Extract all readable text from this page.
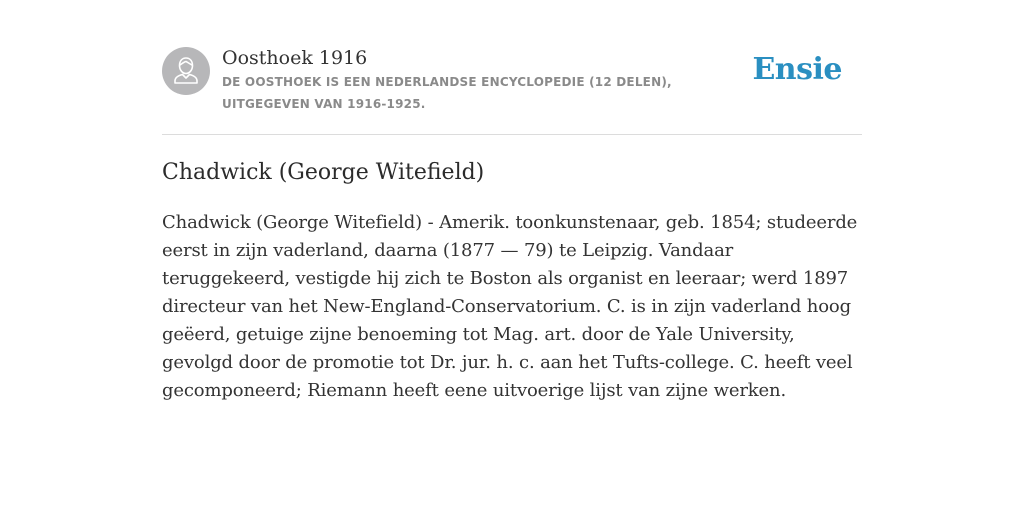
Oosthoek 1916

DE OOSTHOEK IS EEN NEDERLANDSE ENCYCLOPEDIE (12 DELEN), UITGEGEVEN VAN 1916-1925.

Ensie
Chadwick (George Witefield)

Chadwick (George Witefield) - Amerik. toonkunstenaar, geb. 1854; studeerde eerst in zijn vaderland, daarna (1877 — 79) te Leipzig. Vandaar teruggekeerd, vestigde hij zich te Boston als organist en leeraar; werd 1897 directeur van het New-England-Conservatorium. C. is in zijn vaderland hoog geëerd, getuige zijne benoeming tot Mag. art. door de Yale University, gevolgd door de promotie tot Dr. jur. h. c. aan het Tufts-college. C. heeft veel gecomponeerd; Riemann heeft eene uitvoerige lijst van zijne werken.
